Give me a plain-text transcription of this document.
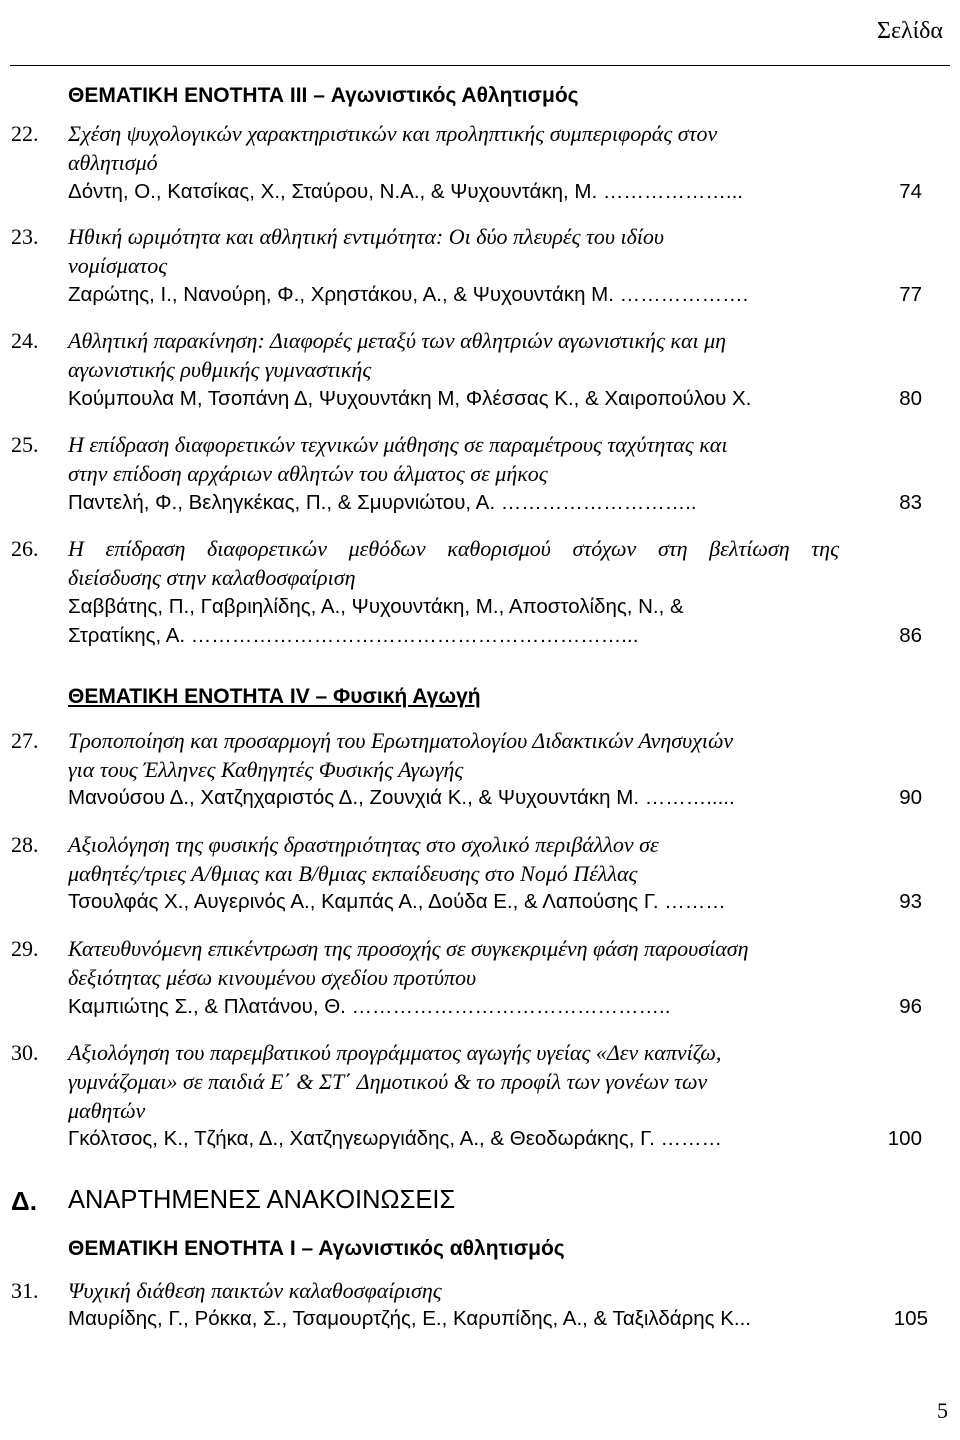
Σελίδα
ΘΕΜΑΤΙΚΗ ΕΝΟΤΗΤΑ III – Αγωνιστικός Αθλητισμός
22. Σχέση ψυχολογικών χαρακτηριστικών και προληπτικής συμπεριφοράς στον
αθλητισμό
Δόντη, Ο., Κατσίκας, Χ., Σταύρου, Ν.Α., & Ψυχουντάκη, Μ. ………………...	74
23. Ηθική ωριμότητα και αθλητική εντιμότητα: Οι δύο πλευρές του ιδίου
νομίσματος
Ζαρώτης, Ι., Νανούρη, Φ., Χρηστάκου, Α., & Ψυχουντάκη Μ. ……………….	77
24. Αθλητική παρακίνηση: Διαφορές μεταξύ των αθλητριών αγωνιστικής και μη
αγωνιστικής ρυθμικής γυμναστικής
Κούμπουλα Μ, Τσοπάνη Δ, Ψυχουντάκη Μ, Φλέσσας Κ., & Χαιροπούλου Χ.	80
25. Η επίδραση διαφορετικών τεχνικών μάθησης σε παραμέτρους ταχύτητας και
στην επίδοση αρχάριων αθλητών του άλματος σε μήκος
Παντελή, Φ., Βεληγκέκας, Π., & Σμυρνιώτου, Α. ………………………..	83
26. Η επίδραση διαφορετικών μεθόδων καθορισμού στόχων στη βελτίωση της
διείσδυσης στην καλαθοσφαίριση
Σαββάτης, Π., Γαβριηλίδης, Α., Ψυχουντάκη, Μ., Αποστολίδης, Ν., &
Στρατίκης, Α. ………………………………………………………...	86
ΘΕΜΑΤΙΚΗ ΕΝΟΤΗΤΑ IV – Φυσική Αγωγή
27. Τροποποίηση και προσαρμογή του Ερωτηματολογίου Διδακτικών Ανησυχιών
για τους Έλληνες Καθηγητές Φυσικής Αγωγής
Μανούσου Δ., Χατζηχαριστός Δ., Ζουνχιά Κ., & Ψυχουντάκη Μ. ……….....	90
28. Αξιολόγηση της φυσικής δραστηριότητας στο σχολικό περιβάλλον σε
μαθητές/τριες Α/θμιας και Β/θμιας εκπαίδευσης στο Νομό Πέλλας
Τσουλφάς Χ., Αυγερινός Α., Καμπάς Α., Δούδα Ε., & Λαπούσης Γ. ………	93
29. Κατευθυνόμενη επικέντρωση της προσοχής σε συγκεκριμένη φάση παρουσίαση
δεξιότητας μέσω κινουμένου σχεδίου προτύπου
Καμπιώτης Σ., & Πλατάνου, Θ. ………………………………………..	96
30. Αξιολόγηση του παρεμβατικού προγράμματος αγωγής υγείας «Δεν καπνίζω,
γυμνάζομαι» σε παιδιά Ε΄ & ΣΤ΄ Δημοτικού & το προφίλ των γονέων των
μαθητών
Γκόλτσος, Κ., Τζήκα, Δ., Χατζηγεωργιάδης, Α., & Θεοδωράκης, Γ. ………	100
Δ. ΑΝΑΡΤΗΜΕΝΕΣ ΑΝΑΚΟΙΝΩΣΕΙΣ
ΘΕΜΑΤΙΚΗ ΕΝΟΤΗΤΑ Ι – Αγωνιστικός αθλητισμός
31. Ψυχική διάθεση παικτών καλαθοσφαίρισης
Μαυρίδης, Γ., Ρόκκα, Σ., Τσαμουρτζής, Ε., Καρυπίδης, Α., & Ταξιλδάρης Κ...	105
5
